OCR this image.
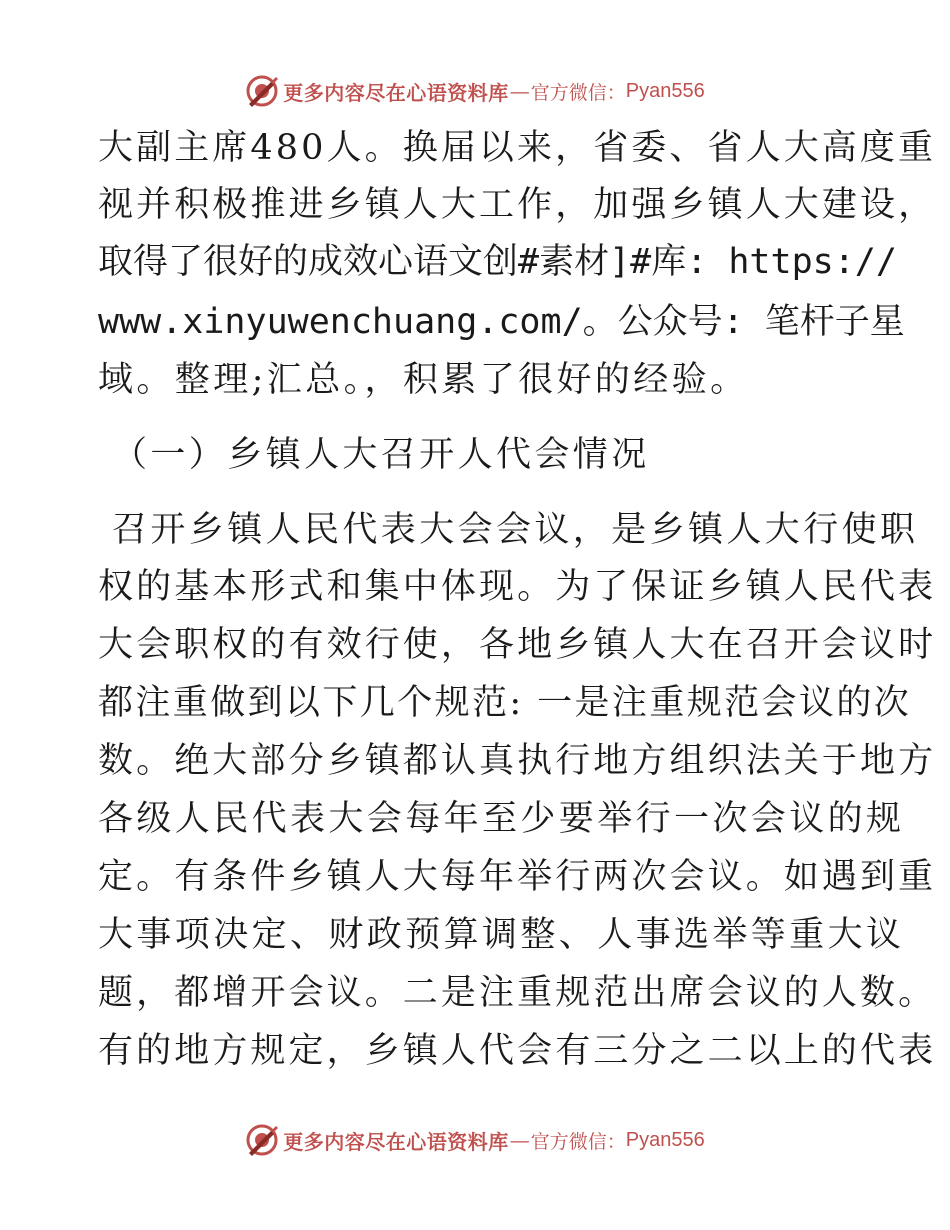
更多内容尽在心语资料库 — 官方微信： Pyan556
大副主席480人。换届以来，省委、省人大高度重
视并积极推进乡镇人大工作，加强乡镇人大建设，
取得了很好的成效心语文创#素材]#库: https://
www.xinyuwenchuang.com/。公众号: 笔杆子星
域。整理;汇总。，积累了很好的经验。
（一）乡镇人大召开人代会情况
召开乡镇人民代表大会会议，是乡镇人大行使职
权的基本形式和集中体现。为了保证乡镇人民代表
大会职权的有效行使，各地乡镇人大在召开会议时
都注重做到以下几个规范: 一是注重规范会议的次
数。绝大部分乡镇都认真执行地方组织法关于地方
各级人民代表大会每年至少要举行一次会议的规
定。有条件乡镇人大每年举行两次会议。如遇到重
大事项决定、财政预算调整、人事选举等重大议
题，都增开会议。二是注重规范出席会议的人数。
有的地方规定，乡镇人代会有三分之二以上的代表
更多内容尽在心语资料库 — 官方微信： Pyan556
